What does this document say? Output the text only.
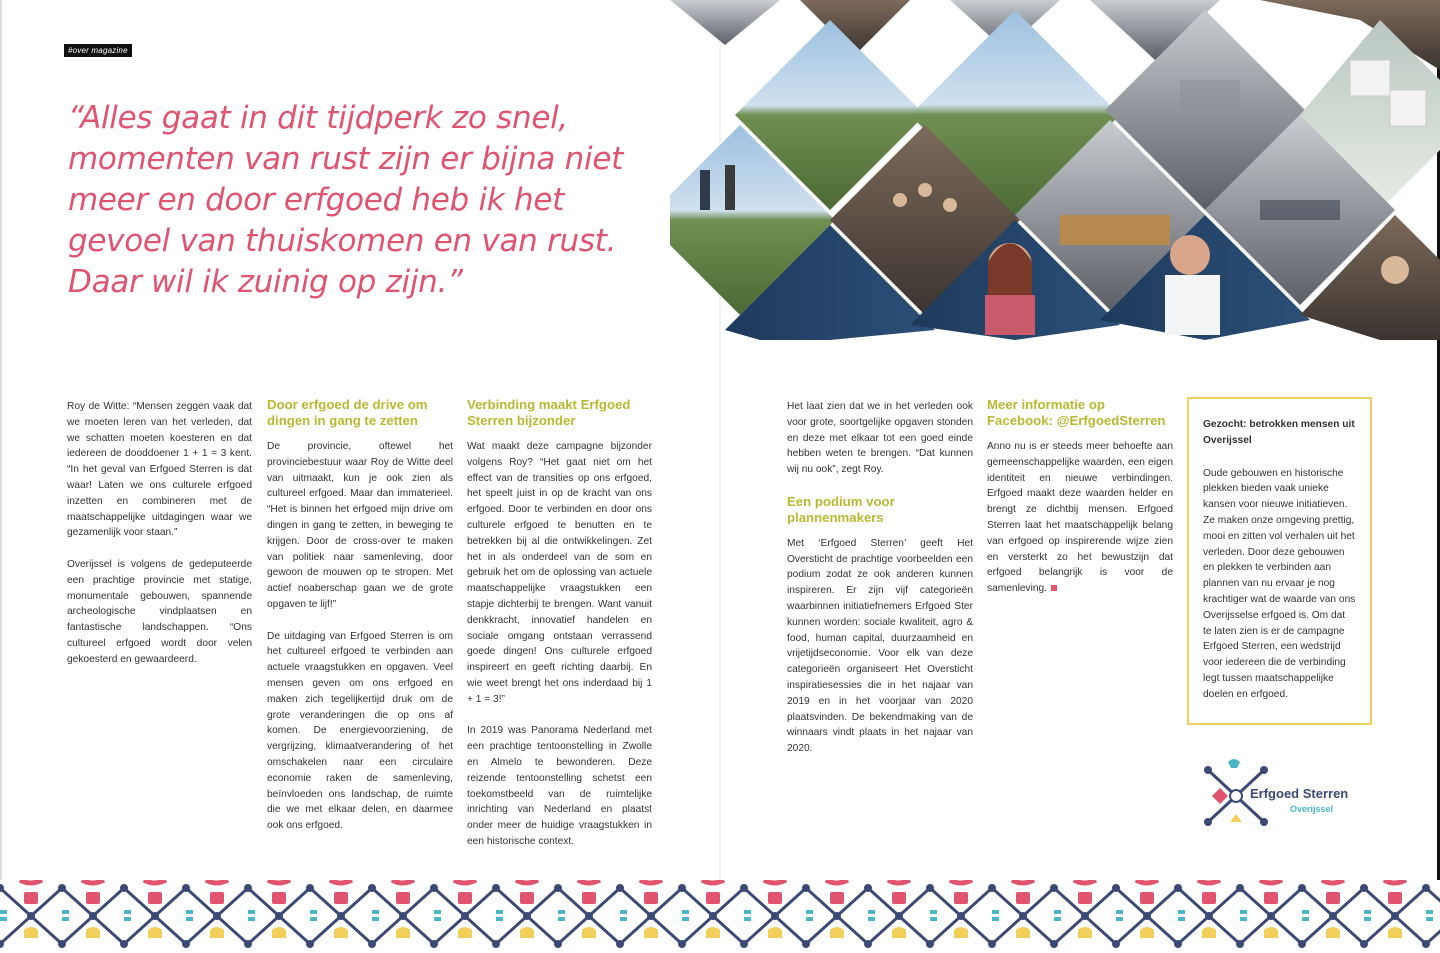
#over magazine
“Alles gaat in dit tijdperk zo snel, momenten van rust zijn er bijna niet meer en door erfgoed heb ik het gevoel van thuiskomen en van rust. Daar wil ik zuinig op zijn.”

Roy de Witte: “Mensen zeggen vaak dat we moeten leren van het verleden, dat we schatten moeten koesteren en dat iedereen de dooddoener 1 + 1 = 3 kent. “In het geval van Erfgoed Sterren is dat waar! Laten we ons culturele erfgoed inzetten en combineren met de maatschappelijke uitdagingen waar we gezamenlijk voor staan.”

Overijssel is volgens de gedeputeerde een prachtige provincie met statige, monumentale gebouwen, spannende archeologische vindplaatsen en fantastische landschappen. “Ons cultureel erfgoed wordt door velen gekoesterd en gewaardeerd.

Door erfgoed de drive om dingen in gang te zetten

De provincie, oftewel het provinciebestuur waar Roy de Witte deel van uitmaakt, kun je ook zien als cultureel erfgoed. Maar dan immaterieel. “Het is binnen het erfgoed mijn drive om dingen in gang te zetten, in beweging te krijgen. Door de cross-over te maken van politiek naar samenleving, door gewoon de mouwen op te stropen. Met actief noaberschap gaan we de grote opgaven te lijf!”

De uitdaging van Erfgoed Sterren is om het cultureel erfgoed te verbinden aan actuele vraagstukken en opgaven. Veel mensen geven om ons erfgoed en maken zich tegelijkertijd druk om de grote veranderingen die op ons af komen. De energievoorziening, de vergrijzing, klimaatverandering of het omschakelen naar een circulaire economie raken de samenleving, beïnvloeden ons landschap, de ruimte die we met elkaar delen, en daarmee ook ons erfgoed.

Verbinding maakt Erfgoed Sterren bijzonder

Wat maakt deze campagne bijzonder volgens Roy? “Het gaat niet om het effect van de transities op ons erfgoed, het speelt juist in op de kracht van ons erfgoed. Door te verbinden en door ons culturele erfgoed te benutten en te betrekken bij al die ontwikkelingen. Zet het in als onderdeel van de som en gebruik het om de oplossing van actuele maatschappelijke vraagstukken een stapje dichterbij te brengen. Want vanuit denkkracht, innovatief handelen en sociale omgang ontstaan verrassend goede dingen! Ons culturele erfgoed inspireert en geeft richting daarbij. En wie weet brengt het ons inderdaad bij 1 + 1 = 3!”

In 2019 was Panorama Nederland met een prachtige tentoonstelling in Zwolle en Almelo te bewonderen. Deze reizende tentoonstelling schetst een toekomstbeeld van de ruimtelijke inrichting van Nederland en plaatst onder meer de huidige vraagstukken in een historische context.

Het laat zien dat we in het verleden ook voor grote, soortgelijke opgaven stonden en deze met elkaar tot een goed einde hebben weten te brengen. “Dat kunnen wij nu ook”, zegt Roy.

Een podium voor plannenmakers

Met ‘Erfgoed Sterren’ geeft Het Oversticht de prachtige voorbeelden een podium zodat ze ook anderen kunnen inspireren. Er zijn vijf categorieën waarbinnen initiatiefnemers Erfgoed Ster kunnen worden: sociale kwaliteit, agro & food, human capital, duurzaamheid en vrijetijdseconomie. Voor elk van deze categorieën organiseert Het Oversticht inspiratiesessies die in het najaar van 2019 en in het voorjaar van 2020 plaatsvinden. De bekendmaking van de winnaars vindt plaats in het najaar van 2020.

Meer informatie op Facebook: @ErfgoedSterren

Anno nu is er steeds meer behoefte aan gemeenschappelijke waarden, een eigen identiteit en nieuwe verbindingen. Erfgoed maakt deze waarden helder en brengt ze dichtbij mensen. Erfgoed Sterren laat het maatschappelijk belang van erfgoed op inspirerende wijze zien en versterkt zo het bewustzijn dat erfgoed belangrijk is voor de samenleving.

Gezocht: betrokken mensen uit Overijssel

Oude gebouwen en historische plekken bieden vaak unieke kansen voor nieuwe initiatieven. Ze maken onze omgeving prettig, mooi en zitten vol verhalen uit het verleden. Door deze gebouwen en plekken te verbinden aan plannen van nu ervaar je nog krachtiger wat de waarde van ons Overijsselse erfgoed is. Om dat te laten zien is er de campagne Erfgoed Sterren, een wedstrijd voor iedereen die de verbinding legt tussen maatschappelijke doelen en erfgoed.

Erfgoed Sterren
Overijssel
